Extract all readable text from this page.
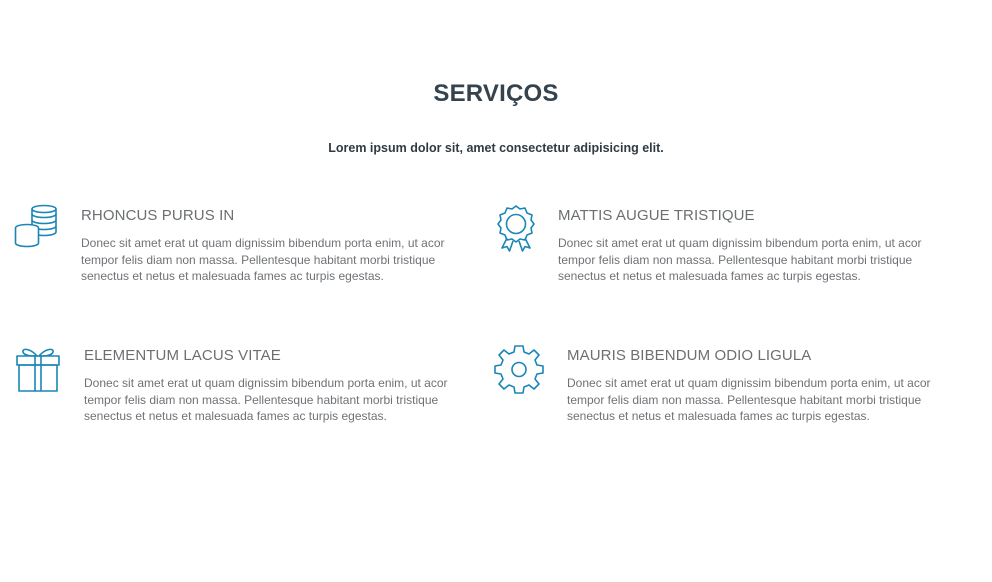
SERVIÇOS

Lorem ipsum dolor sit, amet consectetur adipisicing elit.

RHONCUS PURUS IN

Donec sit amet erat ut quam dignissim bibendum porta enim, ut acor tempor felis diam non massa. Pellentesque habitant morbi tristique senectus et netus et malesuada fames ac turpis egestas.

MATTIS AUGUE TRISTIQUE

Donec sit amet erat ut quam dignissim bibendum porta enim, ut acor tempor felis diam non massa. Pellentesque habitant morbi tristique senectus et netus et malesuada fames ac turpis egestas.

ELEMENTUM LACUS VITAE

Donec sit amet erat ut quam dignissim bibendum porta enim, ut acor tempor felis diam non massa. Pellentesque habitant morbi tristique senectus et netus et malesuada fames ac turpis egestas.

MAURIS BIBENDUM ODIO LIGULA

Donec sit amet erat ut quam dignissim bibendum porta enim, ut acor tempor felis diam non massa. Pellentesque habitant morbi tristique senectus et netus et malesuada fames ac turpis egestas.
